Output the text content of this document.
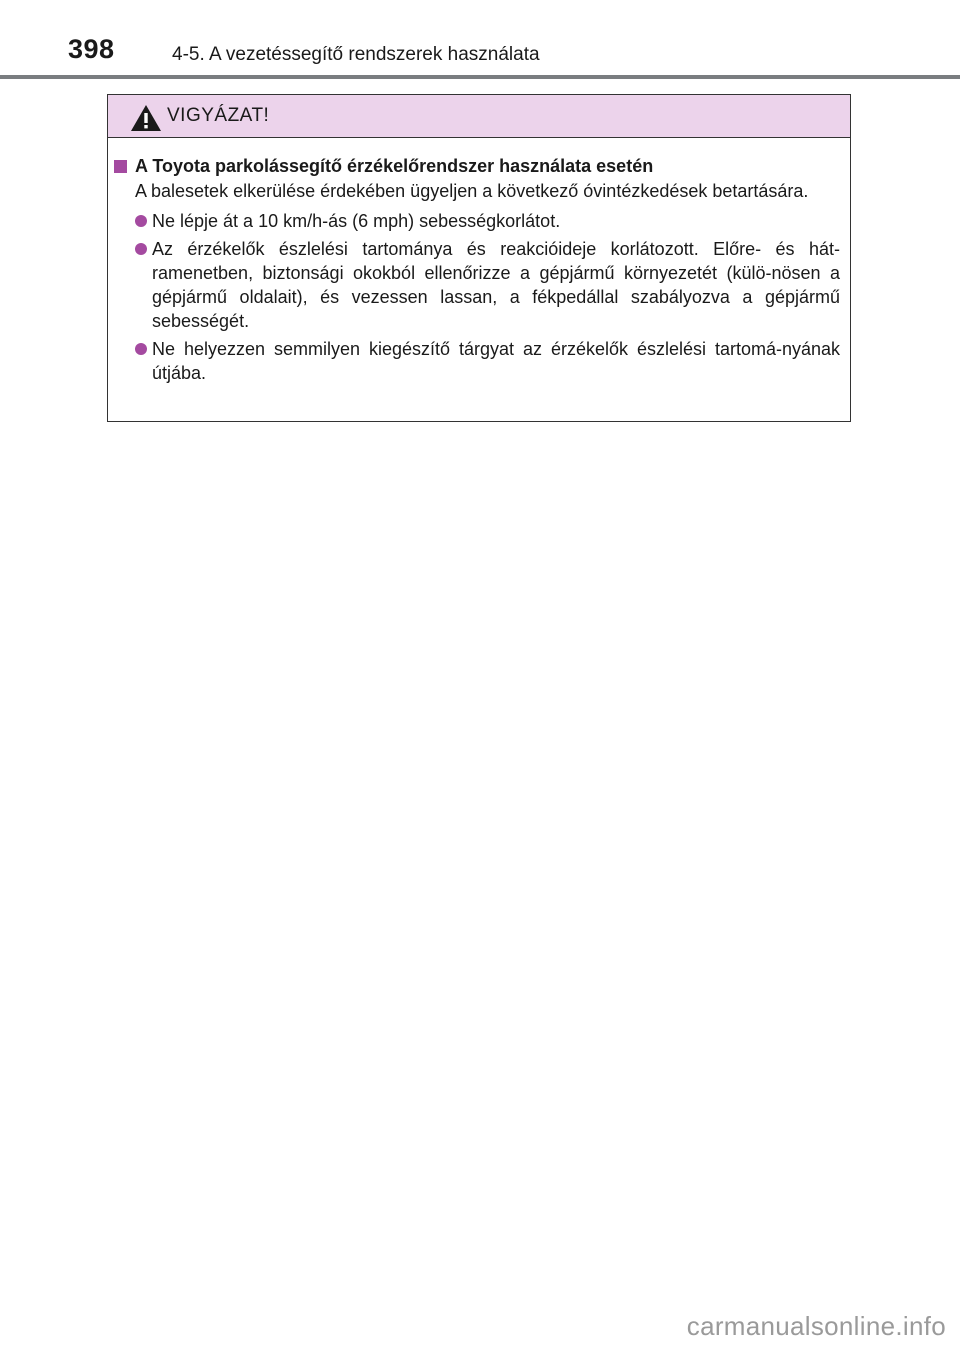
398	4-5. A vezetéssegítő rendszerek használata
VIGYÁZAT!
A Toyota parkolássegítő érzékelőrendszer használata esetén
A balesetek elkerülése érdekében ügyeljen a következő óvintézkedések betartására.
Ne lépje át a 10 km/h-ás (6 mph) sebességkorlátot.
Az érzékelők észlelési tartománya és reakcióideje korlátozott. Előre- és hát-ramenetben, biztonsági okokból ellenőrizze a gépjármű környezetét (külö-nösen a gépjármű oldalait), és vezessen lassan, a fékpedállal szabályozva a gépjármű sebességét.
Ne helyezzen semmilyen kiegészítő tárgyat az érzékelők észlelési tartomá-nyának útjába.
carmanualsonline.info
